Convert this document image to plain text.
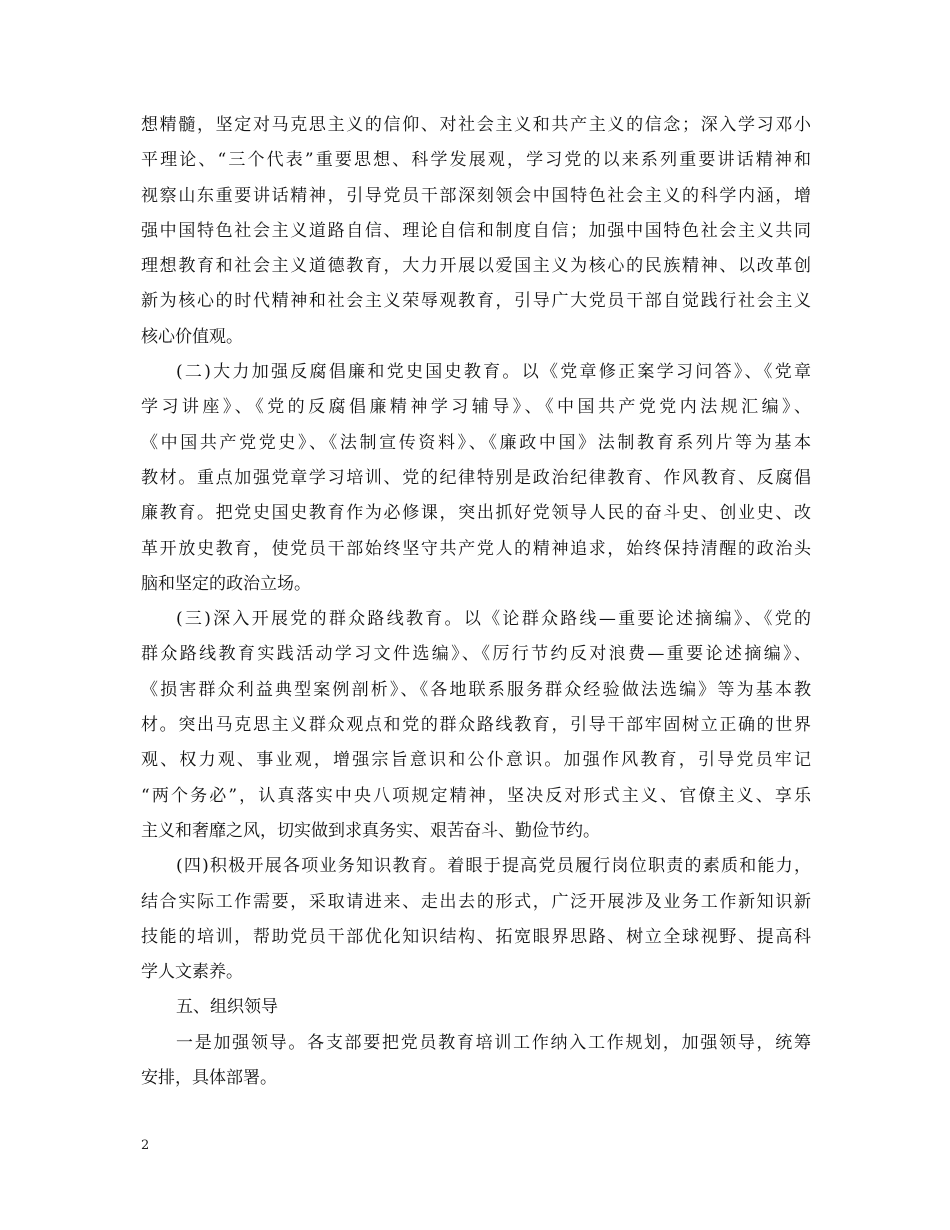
想精髓，坚定对马克思主义的信仰、对社会主义和共产主义的信念；深入学习邓小
平理论、“三个代表”重要思想、科学发展观，学习党的以来系列重要讲话精神和
视察山东重要讲话精神，引导党员干部深刻领会中国特色社会主义的科学内涵，增
强中国特色社会主义道路自信、理论自信和制度自信；加强中国特色社会主义共同
理想教育和社会主义道德教育，大力开展以爱国主义为核心的民族精神、以改革创
新为核心的时代精神和社会主义荣辱观教育，引导广大党员干部自觉践行社会主义
核心价值观。
(二)大力加强反腐倡廉和党史国史教育。以《党章修正案学习问答》、《党章
学习讲座》、《党的反腐倡廉精神学习辅导》、《中国共产党党内法规汇编》、
《中国共产党党史》、《法制宣传资料》、《廉政中国》法制教育系列片等为基本
教材。重点加强党章学习培训、党的纪律特别是政治纪律教育、作风教育、反腐倡
廉教育。把党史国史教育作为必修课，突出抓好党领导人民的奋斗史、创业史、改
革开放史教育，使党员干部始终坚守共产党人的精神追求，始终保持清醒的政治头
脑和坚定的政治立场。
(三)深入开展党的群众路线教育。以《论群众路线—重要论述摘编》、《党的
群众路线教育实践活动学习文件选编》、《厉行节约反对浪费—重要论述摘编》、
《损害群众利益典型案例剖析》、《各地联系服务群众经验做法选编》等为基本教
材。突出马克思主义群众观点和党的群众路线教育，引导干部牢固树立正确的世界
观、权力观、事业观，增强宗旨意识和公仆意识。加强作风教育，引导党员牢记
“两个务必”，认真落实中央八项规定精神，坚决反对形式主义、官僚主义、享乐
主义和奢靡之风，切实做到求真务实、艰苦奋斗、勤俭节约。
(四)积极开展各项业务知识教育。着眼于提高党员履行岗位职责的素质和能力，
结合实际工作需要，采取请进来、走出去的形式，广泛开展涉及业务工作新知识新
技能的培训，帮助党员干部优化知识结构、拓宽眼界思路、树立全球视野、提高科
学人文素养。
五、组织领导
一是加强领导。各支部要把党员教育培训工作纳入工作规划，加强领导，统筹
安排，具体部署。
2
